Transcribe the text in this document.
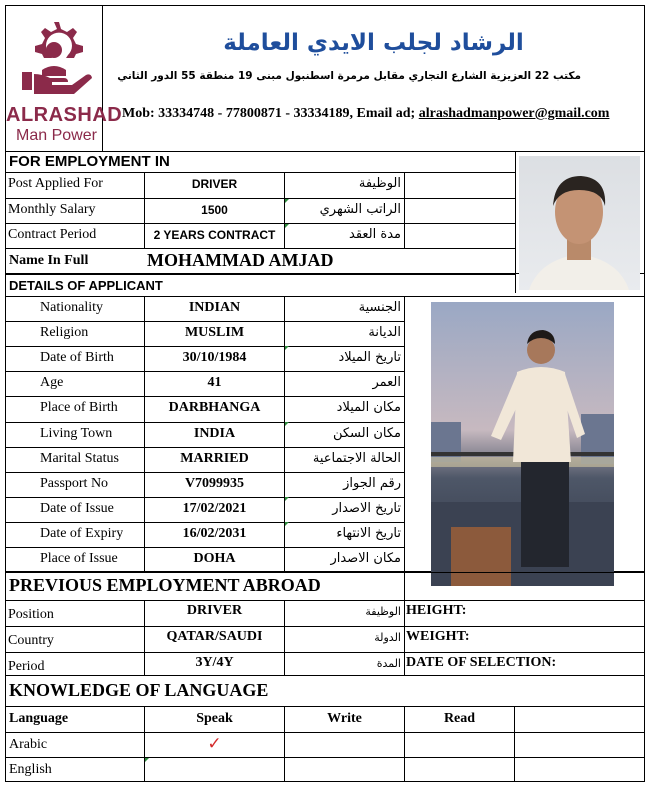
ALRASHAD
Man Power
الرشاد لجلب الايدي العاملة
مكتب 22 العزيزية الشارع التجاري مقابل مرمرة اسطنبول مبنى 19 منطقة 55 الدور الثاني
Mob: 33334748 - 77800871 - 33334189, Email ad; alrashadmanpower@gmail.com
FOR EMPLOYMENT IN
Post Applied For	DRIVER	الوظيفة
Monthly Salary	1500	الراتب الشهري
Contract Period	2 YEARS CONTRACT	مدة العقد
Name In Full	MOHAMMAD AMJAD
DETAILS OF APPLICANT
Nationality	INDIAN	الجنسية
Religion	MUSLIM	الديانة
Date of Birth	30/10/1984	تاريخ الميلاد
Age	41	العمر
Place of Birth	DARBHANGA	مكان الميلاد
Living Town	INDIA	مكان السكن
Marital Status	MARRIED	الحالة الاجتماعية
Passport No	V7099935	رقم الجواز
Date of Issue	17/02/2021	تاريخ الاصدار
Date of Expiry	16/02/2031	تاريخ الانتهاء
Place of Issue	DOHA	مكان الاصدار
PREVIOUS EMPLOYMENT ABROAD
Position	DRIVER	الوظيفة HEIGHT:
Country	QATAR/SAUDI	الدولة WEIGHT:
Period	3Y/4Y	المدة DATE OF SELECTION:
KNOWLEDGE OF LANGUAGE
Language	Speak	Write	Read
Arabic	✓
English
